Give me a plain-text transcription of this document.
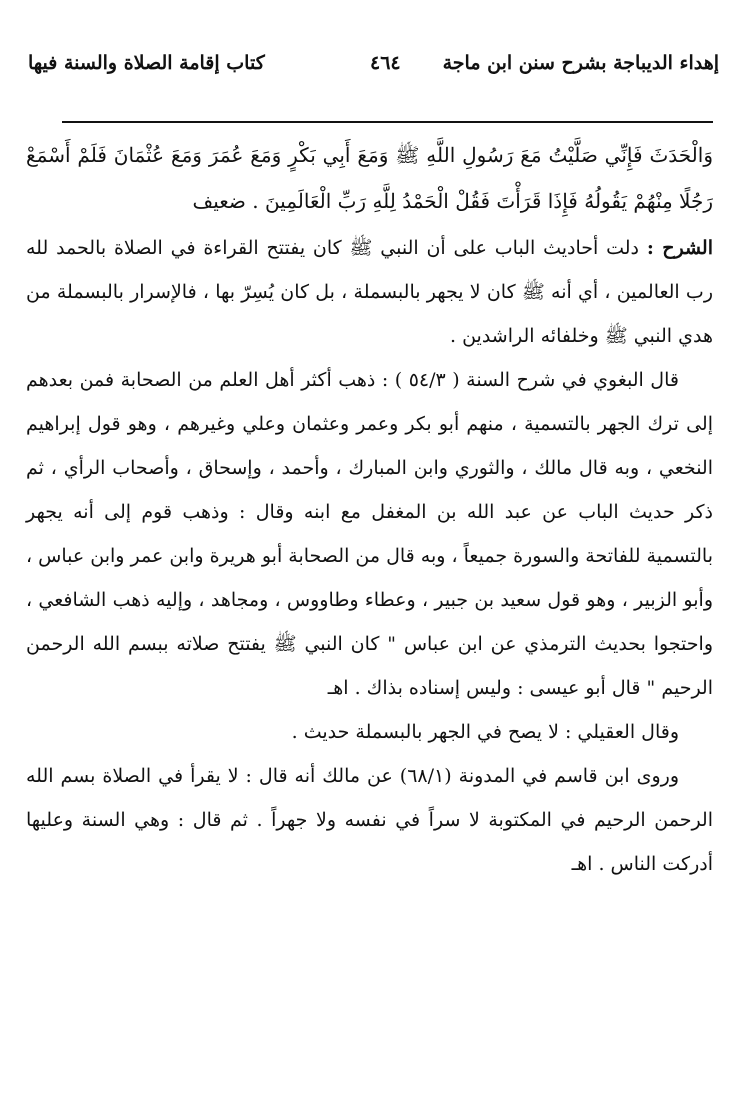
إهداء الديباجة بشرح سنن ابن ماجة
٤٦٤
كتاب إقامة الصلاة والسنة فيها

وَالْحَدَثَ فَإِنِّي صَلَّيْتُ مَعَ رَسُولِ اللَّهِ ﷺ وَمَعَ أَبِي بَكْرٍ وَمَعَ عُمَرَ وَمَعَ عُثْمَانَ فَلَمْ أَسْمَعْ رَجُلًا مِنْهُمْ يَقُولُهُ فَإِذَا قَرَأْتَ فَقُلْ الْحَمْدُ لِلَّهِ رَبِّ الْعَالَمِينَ . ضعيف

الشرح : دلت أحاديث الباب على أن النبي ﷺ كان يفتتح القراءة في الصلاة بالحمد لله رب العالمين ، أي أنه ﷺ كان لا يجهر بالبسملة ، بل كان يُسِرّ بها ، فالإسرار بالبسملة من هدي النبي ﷺ وخلفائه الراشدين .

قال البغوي في شرح السنة ( ٥٤/٣ ) : ذهب أكثر أهل العلم من الصحابة فمن بعدهم إلى ترك الجهر بالتسمية ، منهم أبو بكر وعمر وعثمان وعلي وغيرهم ، وهو قول إبراهيم النخعي ، وبه قال مالك ، والثوري وابن المبارك ، وأحمد ، وإسحاق ، وأصحاب الرأي ، ثم ذكر حديث الباب عن عبد الله بن المغفل مع ابنه وقال : وذهب قوم إلى أنه يجهر بالتسمية للفاتحة والسورة جميعاً ، وبه قال من الصحابة أبو هريرة وابن عمر وابن عباس ، وأبو الزبير ، وهو قول سعيد بن جبير ، وعطاء وطاووس ، ومجاهد ، وإليه ذهب الشافعي ، واحتجوا بحديث الترمذي عن ابن عباس " كان النبي ﷺ يفتتح صلاته ببسم الله الرحمن الرحيم " قال أبو عيسى : وليس إسناده بذاك . اهـ

وقال العقيلي : لا يصح في الجهر بالبسملة حديث .

وروى ابن قاسم في المدونة (٦٨/١) عن مالك أنه قال : لا يقرأ في الصلاة بسم الله الرحمن الرحيم في المكتوبة لا سراً في نفسه ولا جهراً . ثم قال : وهي السنة وعليها أدركت الناس . اهـ
